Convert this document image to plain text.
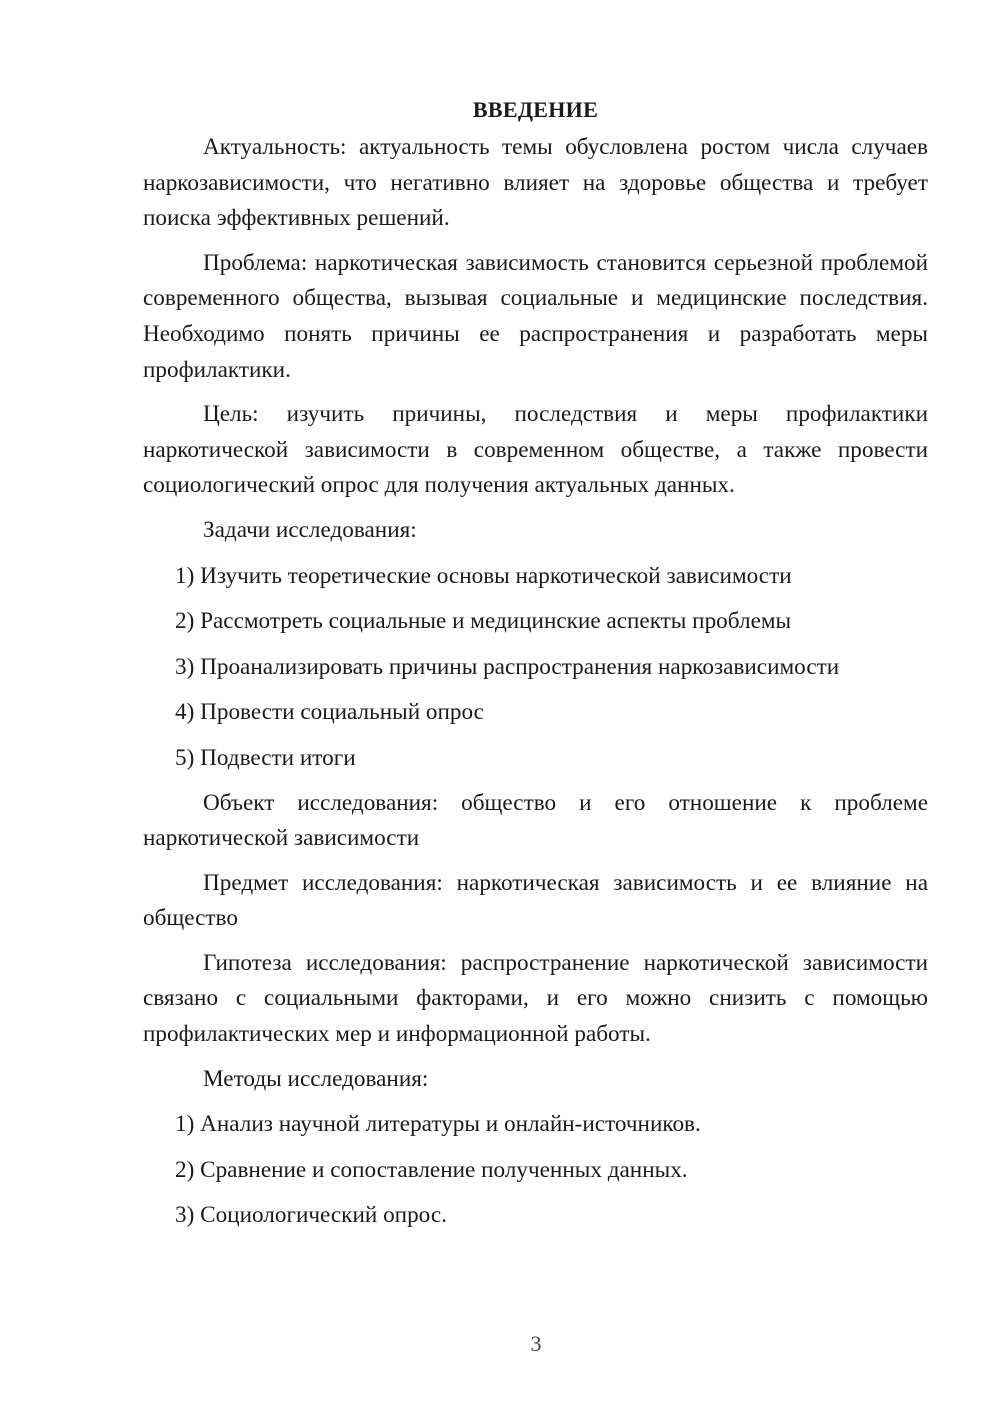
ВВЕДЕНИЕ

Актуальность: актуальность темы обусловлена ростом числа случаев наркозависимости, что негативно влияет на здоровье общества и требует поиска эффективных решений.

Проблема: наркотическая зависимость становится серьезной проблемой современного общества, вызывая социальные и медицинские последствия. Необходимо понять причины ее распространения и разработать меры профилактики.

Цель: изучить причины, последствия и меры профилактики наркотической зависимости в современном обществе, а также провести социологический опрос для получения актуальных данных.

Задачи исследования:

1) Изучить теоретические основы наркотической зависимости
2) Рассмотреть социальные и медицинские аспекты проблемы
3) Проанализировать причины распространения наркозависимости
4) Провести социальный опрос
5) Подвести итоги

Объект исследования: общество и его отношение к проблеме наркотической зависимости

Предмет исследования: наркотическая зависимость и ее влияние на общество

Гипотеза исследования: распространение наркотической зависимости связано с социальными факторами, и его можно снизить с помощью профилактических мер и информационной работы.

Методы исследования:

1) Анализ научной литературы и онлайн-источников.
2) Сравнение и сопоставление полученных данных.
3) Социологический опрос.
3
